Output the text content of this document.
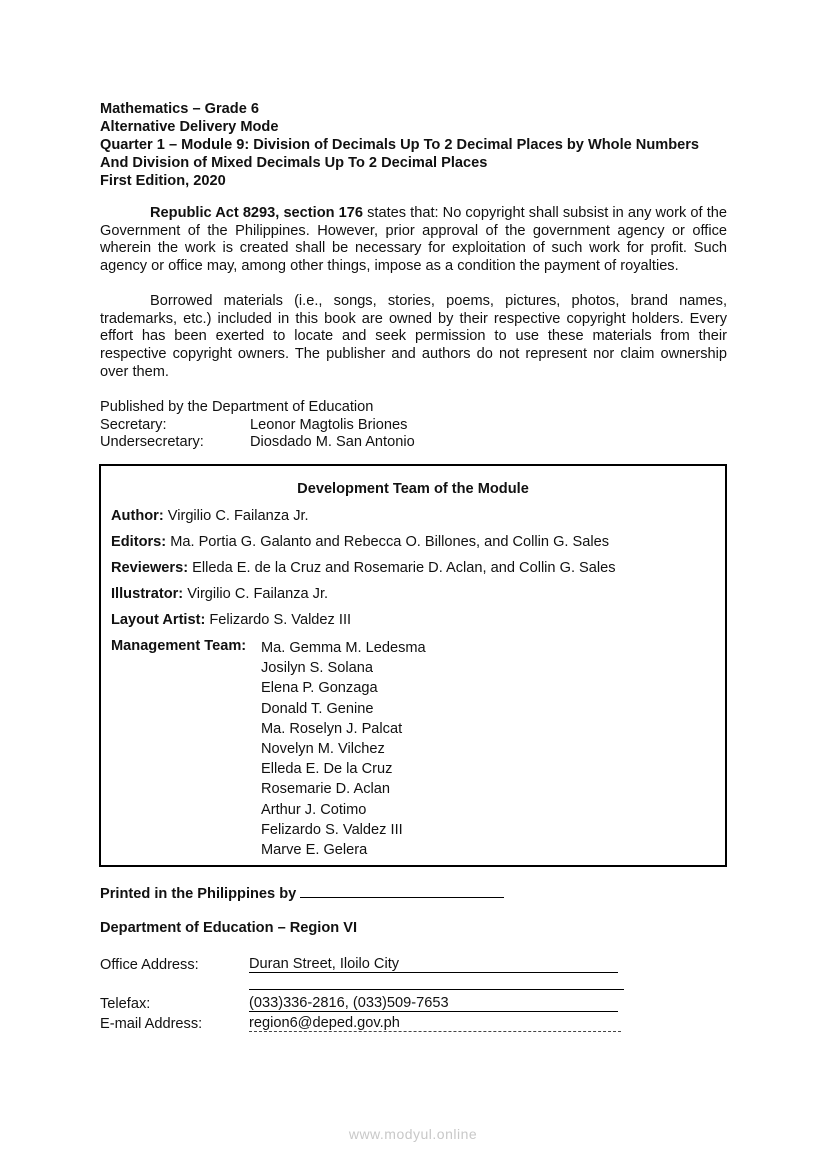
Mathematics – Grade 6
Alternative Delivery Mode
Quarter 1 – Module 9: Division of Decimals Up To 2 Decimal Places by Whole Numbers
And Division of Mixed Decimals Up To 2 Decimal Places
First Edition, 2020

Republic Act 8293, section 176 states that: No copyright shall subsist in any work of the Government of the Philippines. However, prior approval of the government agency or office wherein the work is created shall be necessary for exploitation of such work for profit. Such agency or office may, among other things, impose as a condition the payment of royalties.

Borrowed materials (i.e., songs, stories, poems, pictures, photos, brand names, trademarks, etc.) included in this book are owned by their respective copyright holders. Every effort has been exerted to locate and seek permission to use these materials from their respective copyright owners. The publisher and authors do not represent nor claim ownership over them.

Published by the Department of Education
Secretary:	Leonor Magtolis Briones
Undersecretary:	Diosdado M. San Antonio
Development Team of the Module
Author: Virgilio C. Failanza Jr.
Editors: Ma. Portia G. Galanto and Rebecca O. Billones, and Collin G. Sales
Reviewers: Elleda E. de la Cruz and Rosemarie D. Aclan, and Collin G. Sales
Illustrator: Virgilio C. Failanza Jr.
Layout Artist: Felizardo S. Valdez III
Management Team:	Ma. Gemma M. Ledesma
Josilyn S. Solana
Elena P. Gonzaga
Donald T. Genine
Ma. Roselyn J. Palcat
Novelyn M. Vilchez
Elleda E. De la Cruz
Rosemarie D. Aclan
Arthur J. Cotimo
Felizardo S. Valdez III
Marve E. Gelera
Printed in the Philippines by
Department of Education – Region VI
Office Address:	Duran Street, Iloilo City
Telefax:	(033)336-2816, (033)509-7653
E-mail Address:	region6@deped.gov.ph
www.modyul.online
